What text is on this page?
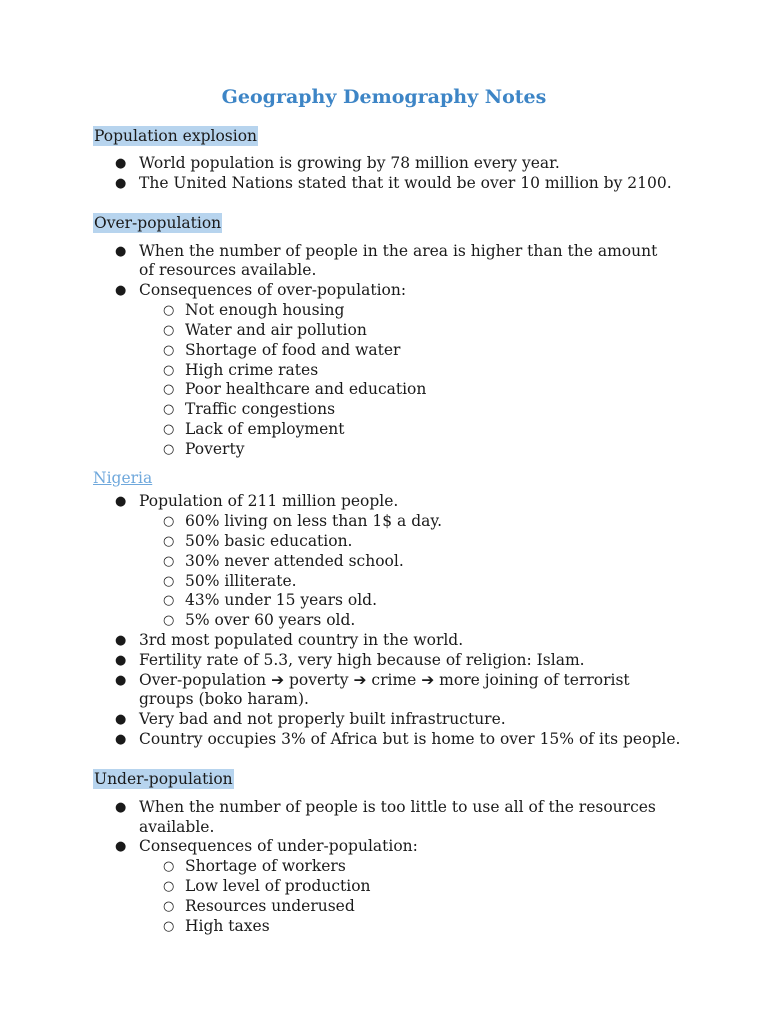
Geography Demography Notes
Population explosion
● World population is growing by 78 million every year.
● The United Nations stated that it would be over 10 million by 2100.
Over-population
● When the number of people in the area is higher than the amount
of resources available.
● Consequences of over-population:
○ Not enough housing
○ Water and air pollution
○ Shortage of food and water
○ High crime rates
○ Poor healthcare and education
○ Traffic congestions
○ Lack of employment
○ Poverty
Nigeria
● Population of 211 million people.
○ 60% living on less than 1$ a day.
○ 50% basic education.
○ 30% never attended school.
○ 50% illiterate.
○ 43% under 15 years old.
○ 5% over 60 years old.
● 3rd most populated country in the world.
● Fertility rate of 5.3, very high because of religion: Islam.
● Over-population ➔ poverty ➔ crime ➔ more joining of terrorist
groups (boko haram).
● Very bad and not properly built infrastructure.
● Country occupies 3% of Africa but is home to over 15% of its people.
Under-population
● When the number of people is too little to use all of the resources
available.
● Consequences of under-population:
○ Shortage of workers
○ Low level of production
○ Resources underused
○ High taxes
